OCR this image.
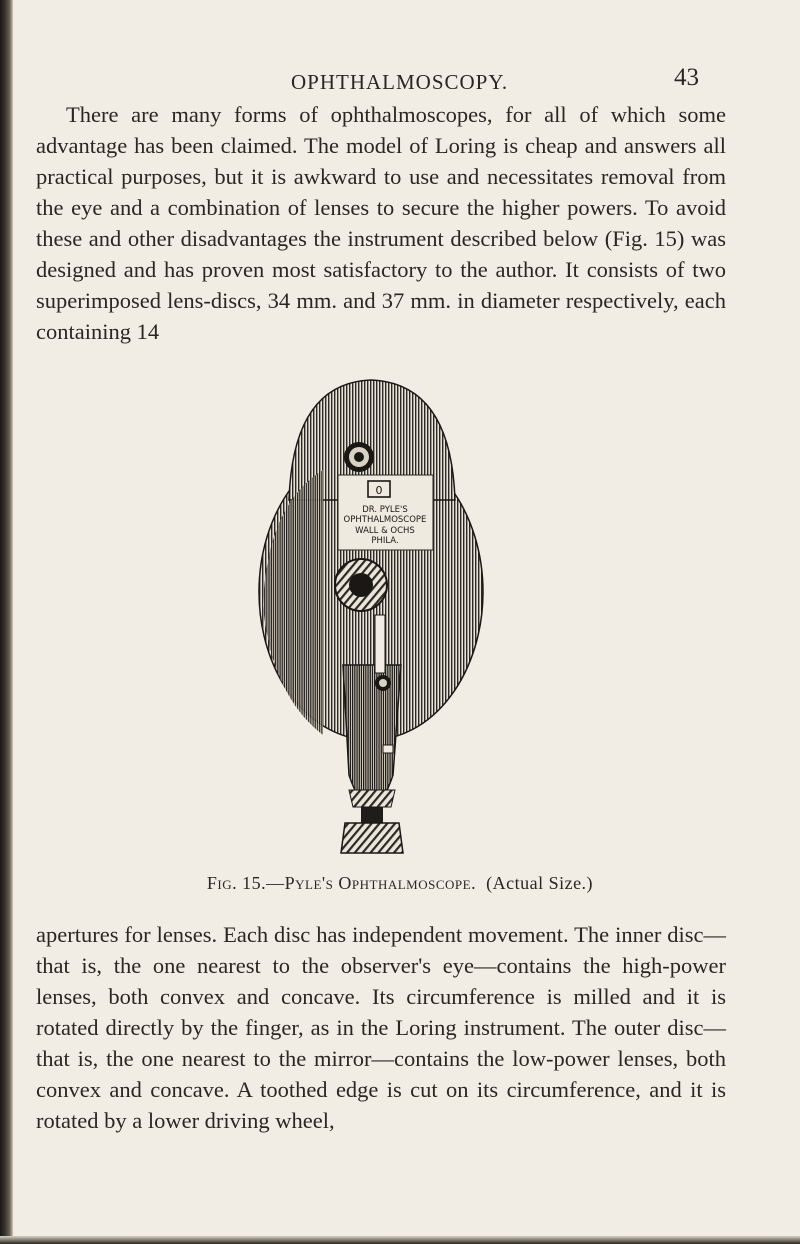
OPHTHALMOSCOPY.	43

There are many forms of ophthalmoscopes, for all of which some advantage has been claimed. The model of Loring is cheap and answers all practical purposes, but it is awkward to use and necessitates removal from the eye and a combination of lenses to secure the higher powers. To avoid these and other disadvantages the instrument described below (Fig. 15) was designed and has proven most satisfactory to the author. It consists of two superimposed lens-discs, 34 mm. and 37 mm. in diameter respectively, each containing 14

0
DR. PYLE'S
OPHTHALMOSCOPE
WALL & OCHS
PHILA.
Fig. 15.—Pyle's Ophthalmoscope. (Actual Size.)

apertures for lenses. Each disc has independent movement. The inner disc—that is, the one nearest to the observer's eye—contains the high-power lenses, both convex and concave. Its circumference is milled and it is rotated directly by the finger, as in the Loring instrument. The outer disc—that is, the one nearest to the mirror—contains the low-power lenses, both convex and concave. A toothed edge is cut on its circumference, and it is rotated by a lower driving wheel,
